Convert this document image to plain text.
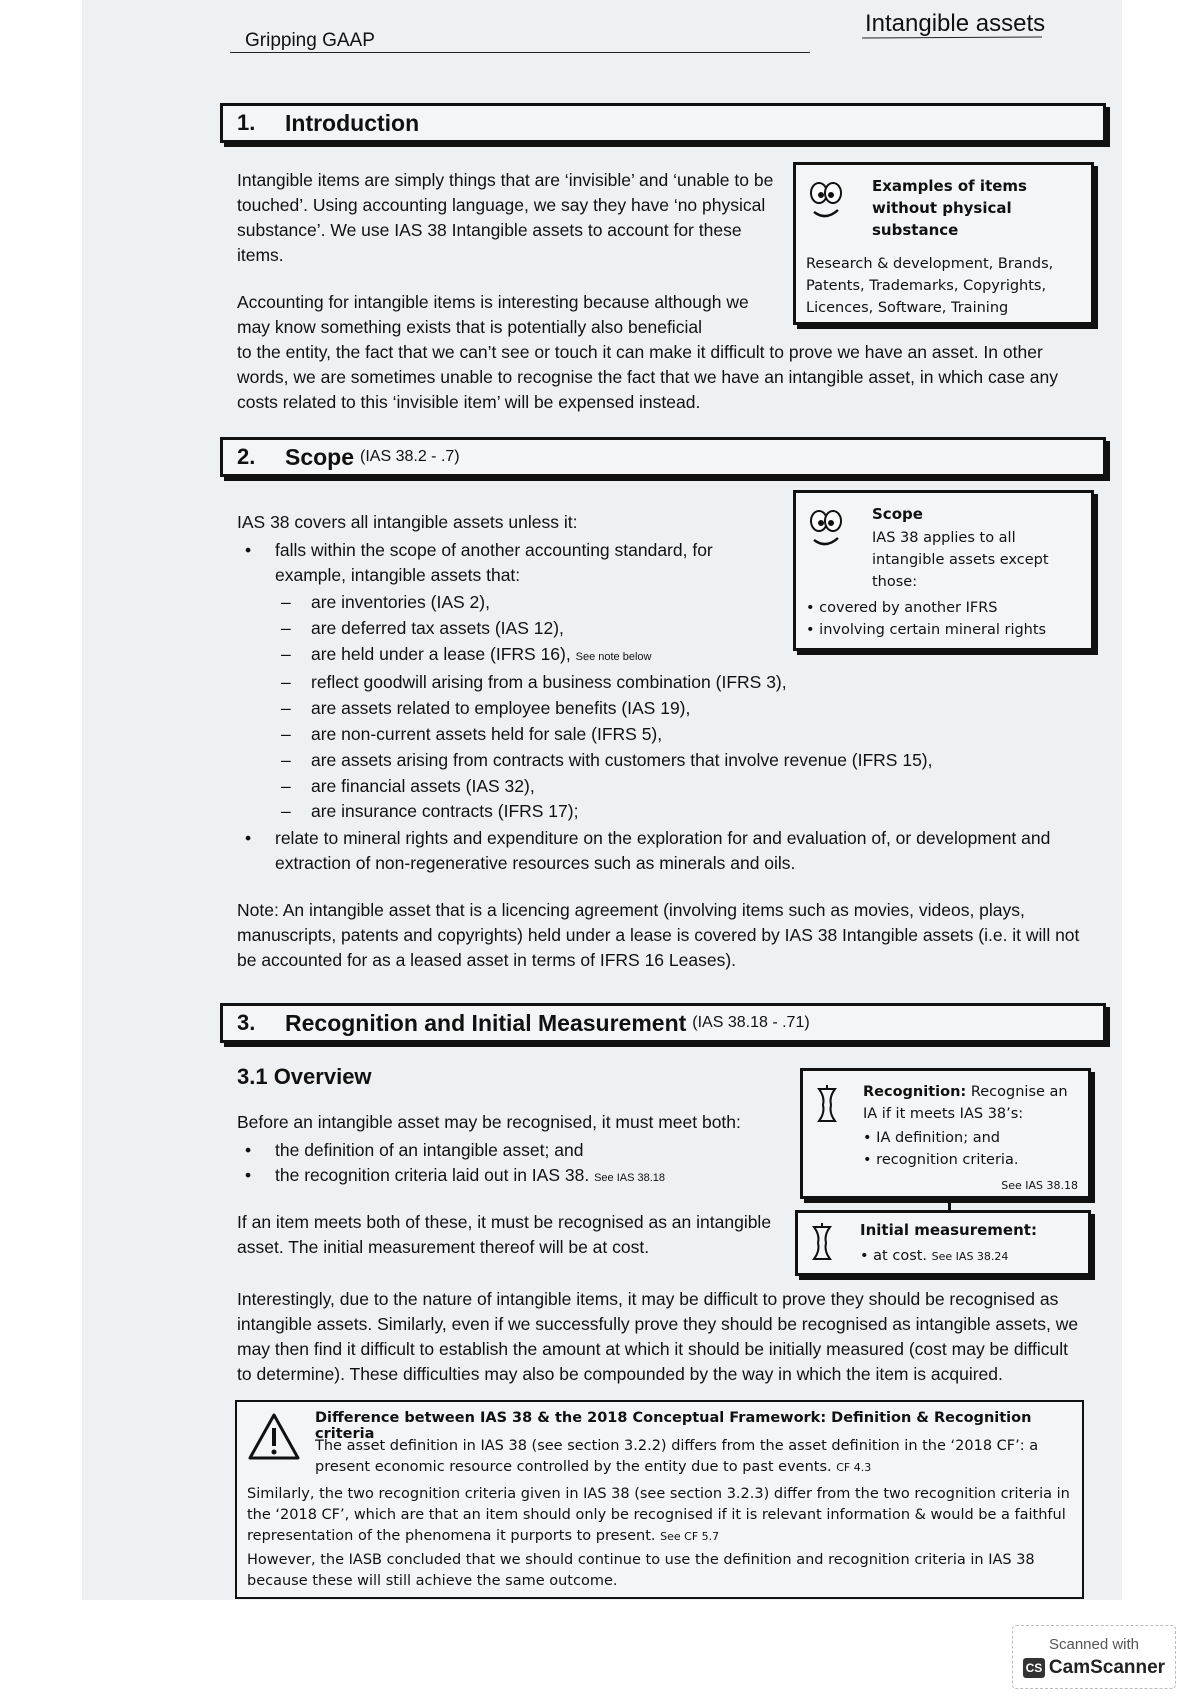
Gripping GAAP
Intangible assets
1.	Introduction
Intangible items are simply things that are ‘invisible’ and ‘unable to be touched’. Using accounting language, we say they have ‘no physical substance’. We use IAS 38 Intangible assets to account for these items.
Accounting for intangible items is interesting because although we may know something exists that is potentially also beneficial
to the entity, the fact that we can’t see or touch it can make it difficult to prove we have an asset. In other words, we are sometimes unable to recognise the fact that we have an intangible asset, in which case any costs related to this ‘invisible item’ will be expensed instead.
Examples of items without physical substance
Research & development, Brands, Patents, Trademarks, Copyrights, Licences, Software, Training
2.	Scope (IAS 38.2 - .7)
IAS 38 covers all intangible assets unless it:
• falls within the scope of another accounting standard, for example, intangible assets that:
– are inventories (IAS 2),
– are deferred tax assets (IAS 12),
– are held under a lease (IFRS 16), See note below
– reflect goodwill arising from a business combination (IFRS 3),
– are assets related to employee benefits (IAS 19),
– are non-current assets held for sale (IFRS 5),
– are assets arising from contracts with customers that involve revenue (IFRS 15),
– are financial assets (IAS 32),
– are insurance contracts (IFRS 17);
• relate to mineral rights and expenditure on the exploration for and evaluation of, or development and extraction of non-regenerative resources such as minerals and oils.
Note: An intangible asset that is a licencing agreement (involving items such as movies, videos, plays, manuscripts, patents and copyrights) held under a lease is covered by IAS 38 Intangible assets (i.e. it will not be accounted for as a leased asset in terms of IFRS 16 Leases).
Scope
IAS 38 applies to all intangible assets except those:
• covered by another IFRS
• involving certain mineral rights
3.	Recognition and Initial Measurement (IAS 38.18 - .71)
3.1 Overview
Before an intangible asset may be recognised, it must meet both:
• the definition of an intangible asset; and
• the recognition criteria laid out in IAS 38. See IAS 38.18
If an item meets both of these, it must be recognised as an intangible asset. The initial measurement thereof will be at cost.
Interestingly, due to the nature of intangible items, it may be difficult to prove they should be recognised as intangible assets. Similarly, even if we successfully prove they should be recognised as intangible assets, we may then find it difficult to establish the amount at which it should be initially measured (cost may be difficult to determine). These difficulties may also be compounded by the way in which the item is acquired.
Recognition: Recognise an IA if it meets IAS 38’s:
• IA definition; and
• recognition criteria.
See IAS 38.18
Initial measurement:
• at cost. See IAS 38.24
Difference between IAS 38 & the 2018 Conceptual Framework: Definition & Recognition criteria
The asset definition in IAS 38 (see section 3.2.2) differs from the asset definition in the ‘2018 CF’: a present economic resource controlled by the entity due to past events. CF 4.3
Similarly, the two recognition criteria given in IAS 38 (see section 3.2.3) differ from the two recognition criteria in the ‘2018 CF’, which are that an item should only be recognised if it is relevant information & would be a faithful representation of the phenomena it purports to present. See CF 5.7
However, the IASB concluded that we should continue to use the definition and recognition criteria in IAS 38 because these will still achieve the same outcome.
Scanned with
CS CamScanner
